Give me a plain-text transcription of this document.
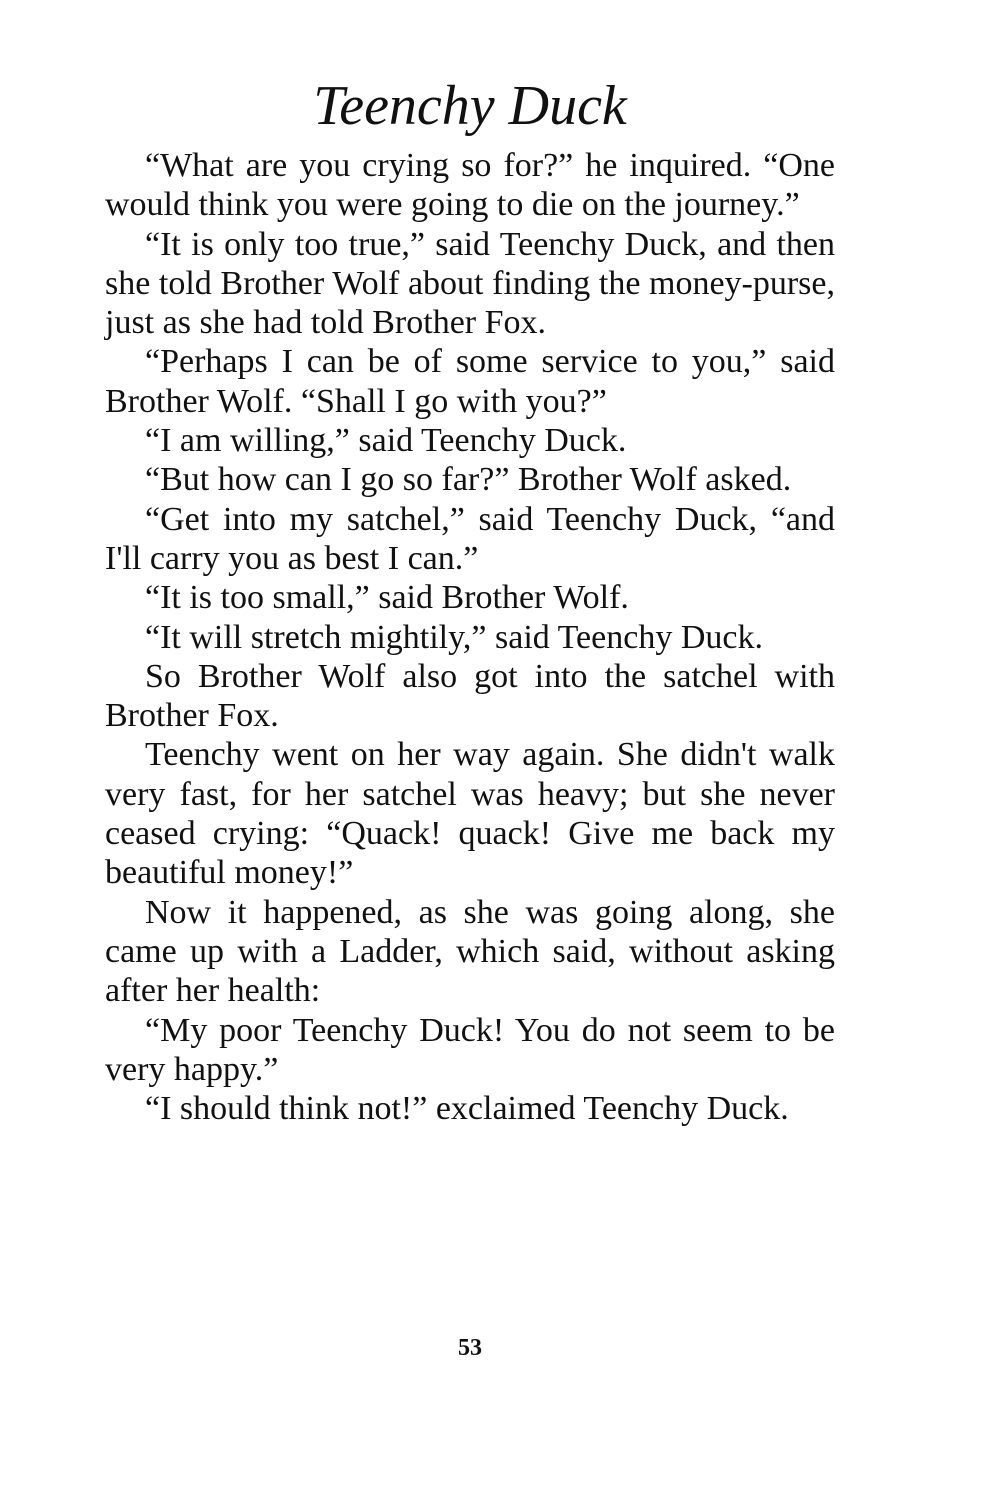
Teenchy Duck

“What are you crying so for?” he inquired. “One would think you were going to die on the journey.”

“It is only too true,” said Teenchy Duck, and then she told Brother Wolf about finding the money-purse, just as she had told Brother Fox.

“Perhaps I can be of some service to you,” said Brother Wolf. “Shall I go with you?”

“I am willing,” said Teenchy Duck.

“But how can I go so far?” Brother Wolf asked.

“Get into my satchel,” said Teenchy Duck, “and I'll carry you as best I can.”

“It is too small,” said Brother Wolf.

“It will stretch mightily,” said Teenchy Duck.

So Brother Wolf also got into the satchel with Brother Fox.

Teenchy went on her way again. She didn't walk very fast, for her satchel was heavy; but she never ceased crying: “Quack! quack! Give me back my beautiful money!”

Now it happened, as she was going along, she came up with a Ladder, which said, without asking after her health:

“My poor Teenchy Duck! You do not seem to be very happy.”

“I should think not!” exclaimed Teenchy Duck.

53
